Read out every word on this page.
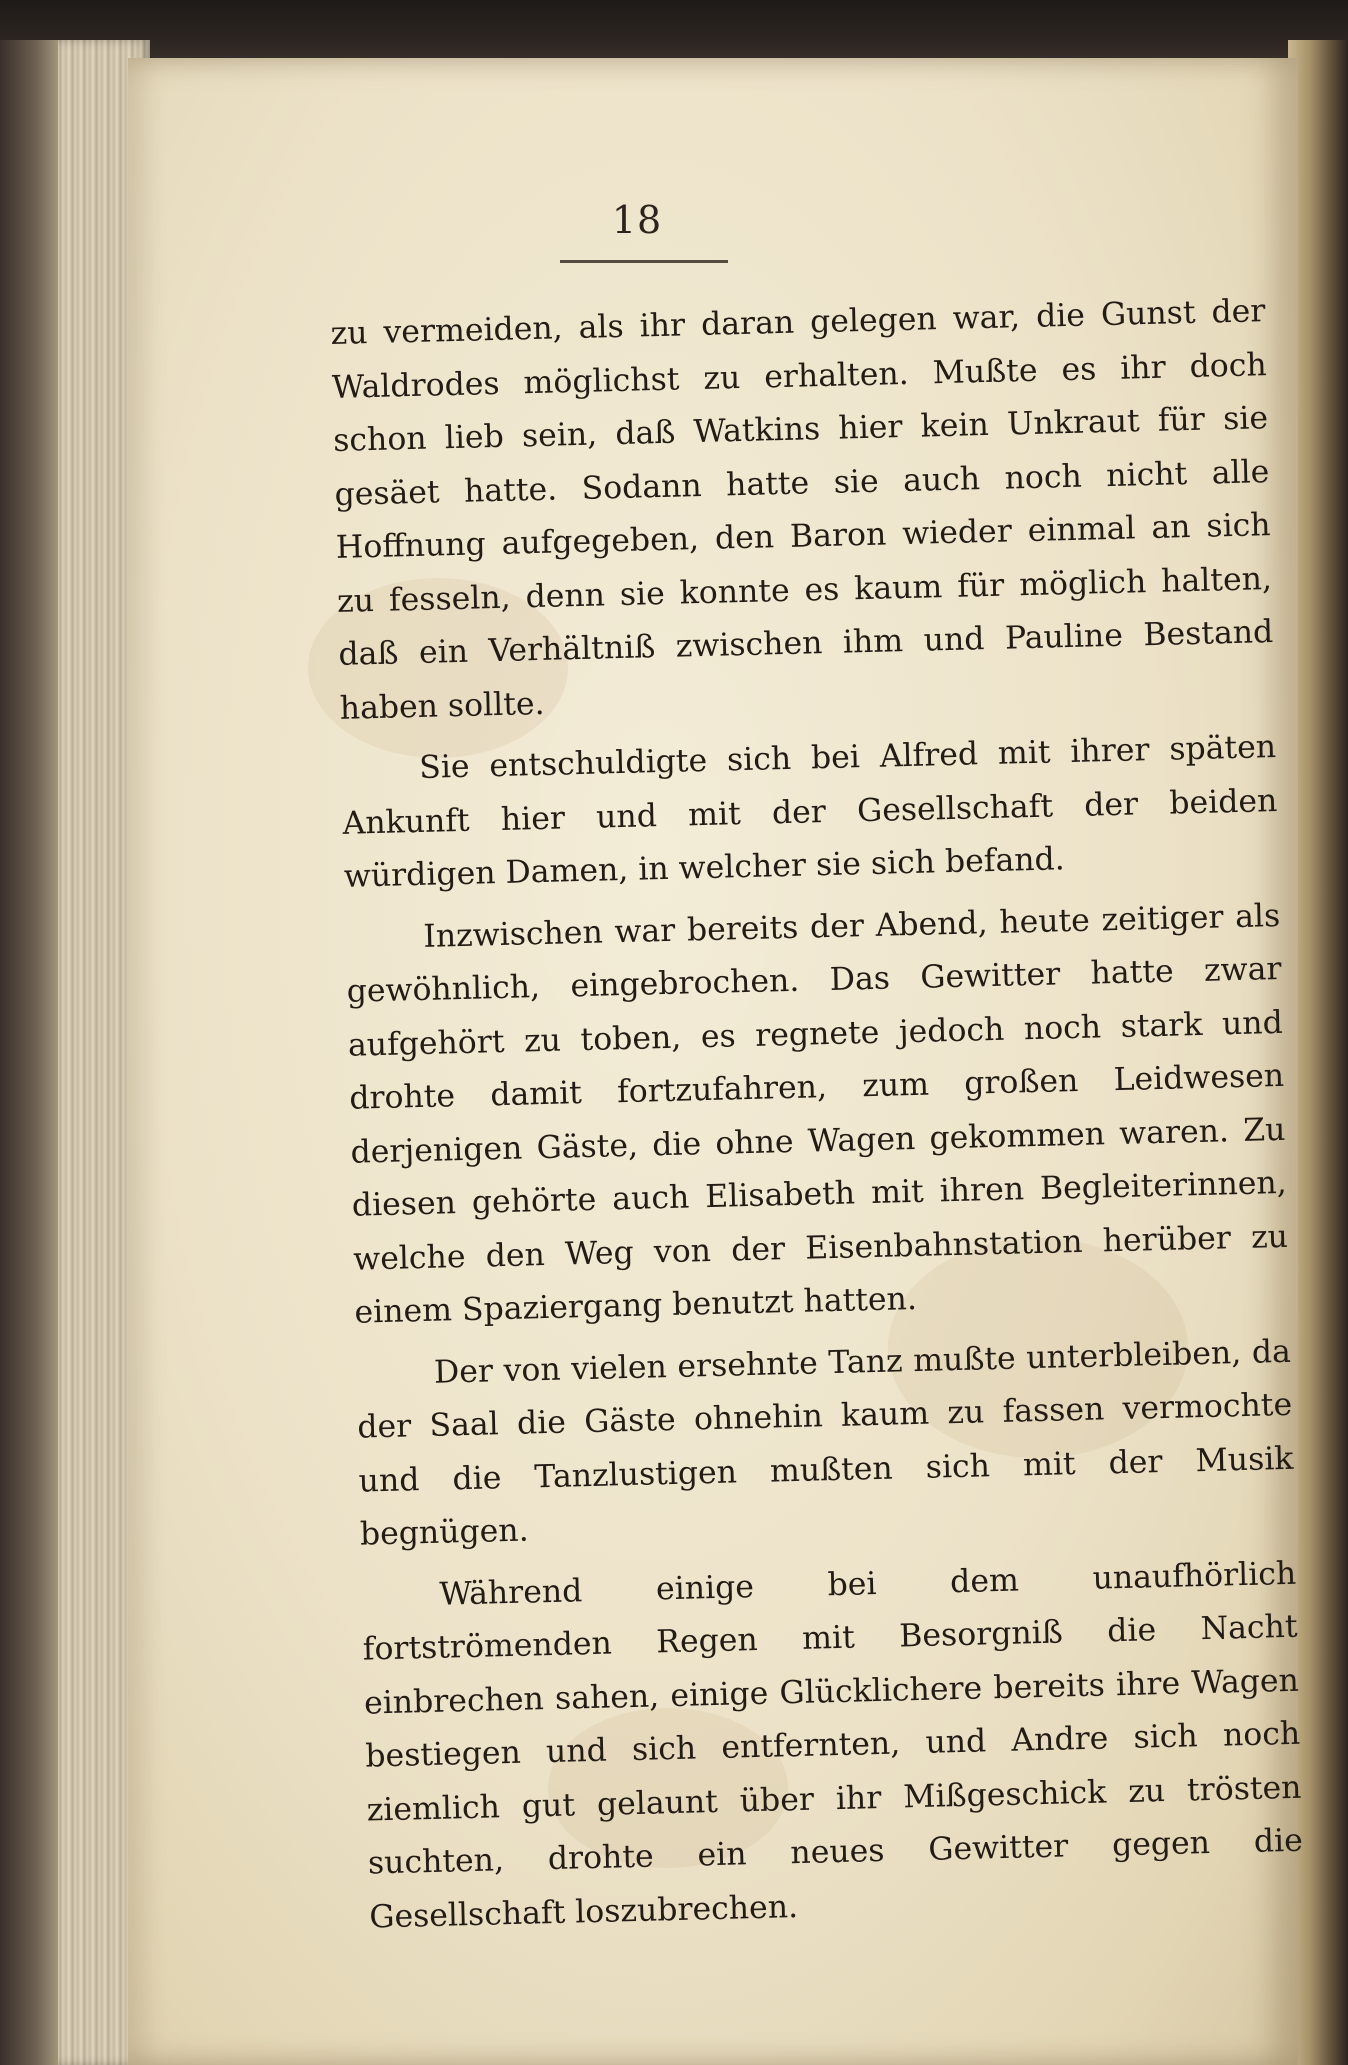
18

zu vermeiden, als ihr daran gelegen war, die Gunst der Waldrodes möglichst zu erhalten. Mußte es ihr doch schon lieb sein, daß Watkins hier kein Unkraut für sie gesäet hatte. Sodann hatte sie auch noch nicht alle Hoffnung aufgegeben, den Baron wieder einmal an sich zu fesseln, denn sie konnte es kaum für möglich halten, daß ein Verhältniß zwischen ihm und Pauline Bestand haben sollte.

Sie entschuldigte sich bei Alfred mit ihrer späten Ankunft hier und mit der Gesellschaft der beiden würdigen Damen, in welcher sie sich befand.

Inzwischen war bereits der Abend, heute zeitiger als gewöhnlich, eingebrochen. Das Gewitter hatte zwar aufgehört zu toben, es regnete jedoch noch stark und drohte damit fortzufahren, zum großen Leidwesen derjenigen Gäste, die ohne Wagen gekommen waren. Zu diesen gehörte auch Elisabeth mit ihren Begleiterinnen, welche den Weg von der Eisenbahnstation herüber zu einem Spaziergang benutzt hatten.

Der von vielen ersehnte Tanz mußte unterbleiben, da der Saal die Gäste ohnehin kaum zu fassen vermochte und die Tanzlustigen mußten sich mit der Musik begnügen.

Während einige bei dem unaufhörlich fortströmenden Regen mit Besorgniß die Nacht einbrechen sahen, einige Glücklichere bereits ihre Wagen bestiegen und sich entfernten, und Andre sich noch ziemlich gut gelaunt über ihr Mißgeschick zu trösten suchten, drohte ein neues Gewitter gegen die Gesellschaft loszubrechen.
